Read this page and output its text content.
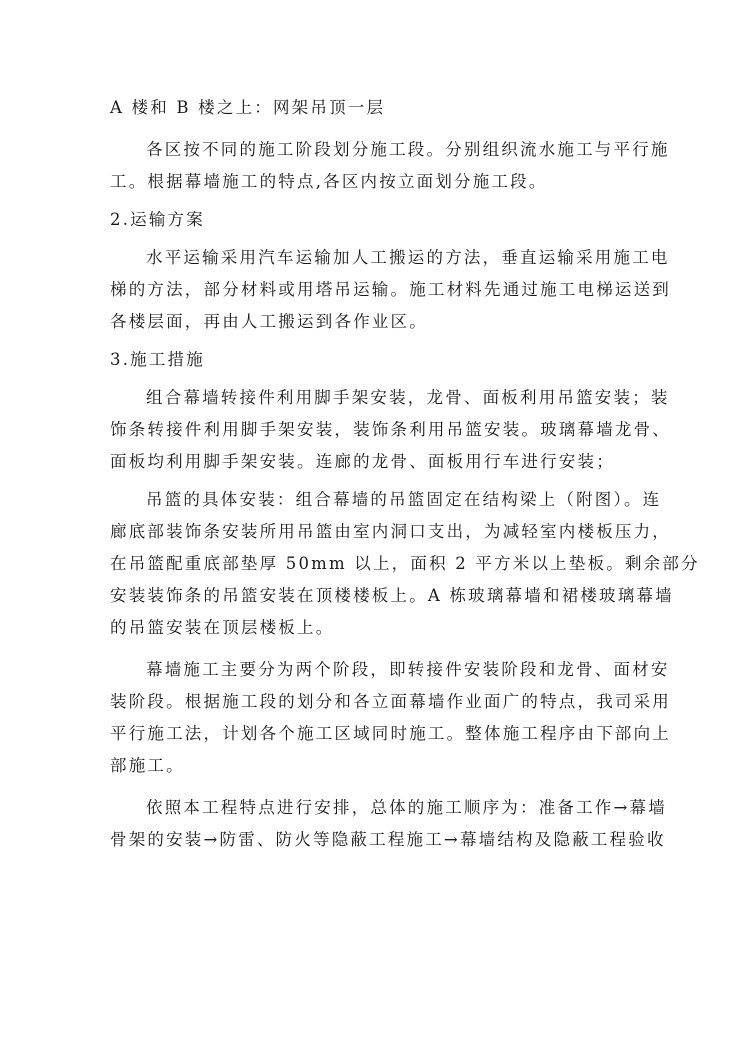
A 楼和 B 楼之上：网架吊顶一层
各区按不同的施工阶段划分施工段。分别组织流水施工与平行施
工。根据幕墙施工的特点,各区内按立面划分施工段。
2.运输方案
水平运输采用汽车运输加人工搬运的方法，垂直运输采用施工电
梯的方法，部分材料或用塔吊运输。施工材料先通过施工电梯运送到
各楼层面，再由人工搬运到各作业区。
3.施工措施
组合幕墙转接件利用脚手架安装，龙骨、面板利用吊篮安装；装
饰条转接件利用脚手架安装，装饰条利用吊篮安装。玻璃幕墙龙骨、
面板均利用脚手架安装。连廊的龙骨、面板用行车进行安装；
吊篮的具体安装：组合幕墙的吊篮固定在结构梁上（附图）。连
廊底部装饰条安装所用吊篮由室内洞口支出，为减轻室内楼板压力，
在吊篮配重底部垫厚 50mm 以上，面积 2 平方米以上垫板。剩余部分
安装装饰条的吊篮安装在顶楼楼板上。A 栋玻璃幕墙和裙楼玻璃幕墙
的吊篮安装在顶层楼板上。
幕墙施工主要分为两个阶段，即转接件安装阶段和龙骨、面材安
装阶段。根据施工段的划分和各立面幕墙作业面广的特点，我司采用
平行施工法，计划各个施工区域同时施工。整体施工程序由下部向上
部施工。
依照本工程特点进行安排，总体的施工顺序为：准备工作→幕墙
骨架的安装→防雷、防火等隐蔽工程施工→幕墙结构及隐蔽工程验收
